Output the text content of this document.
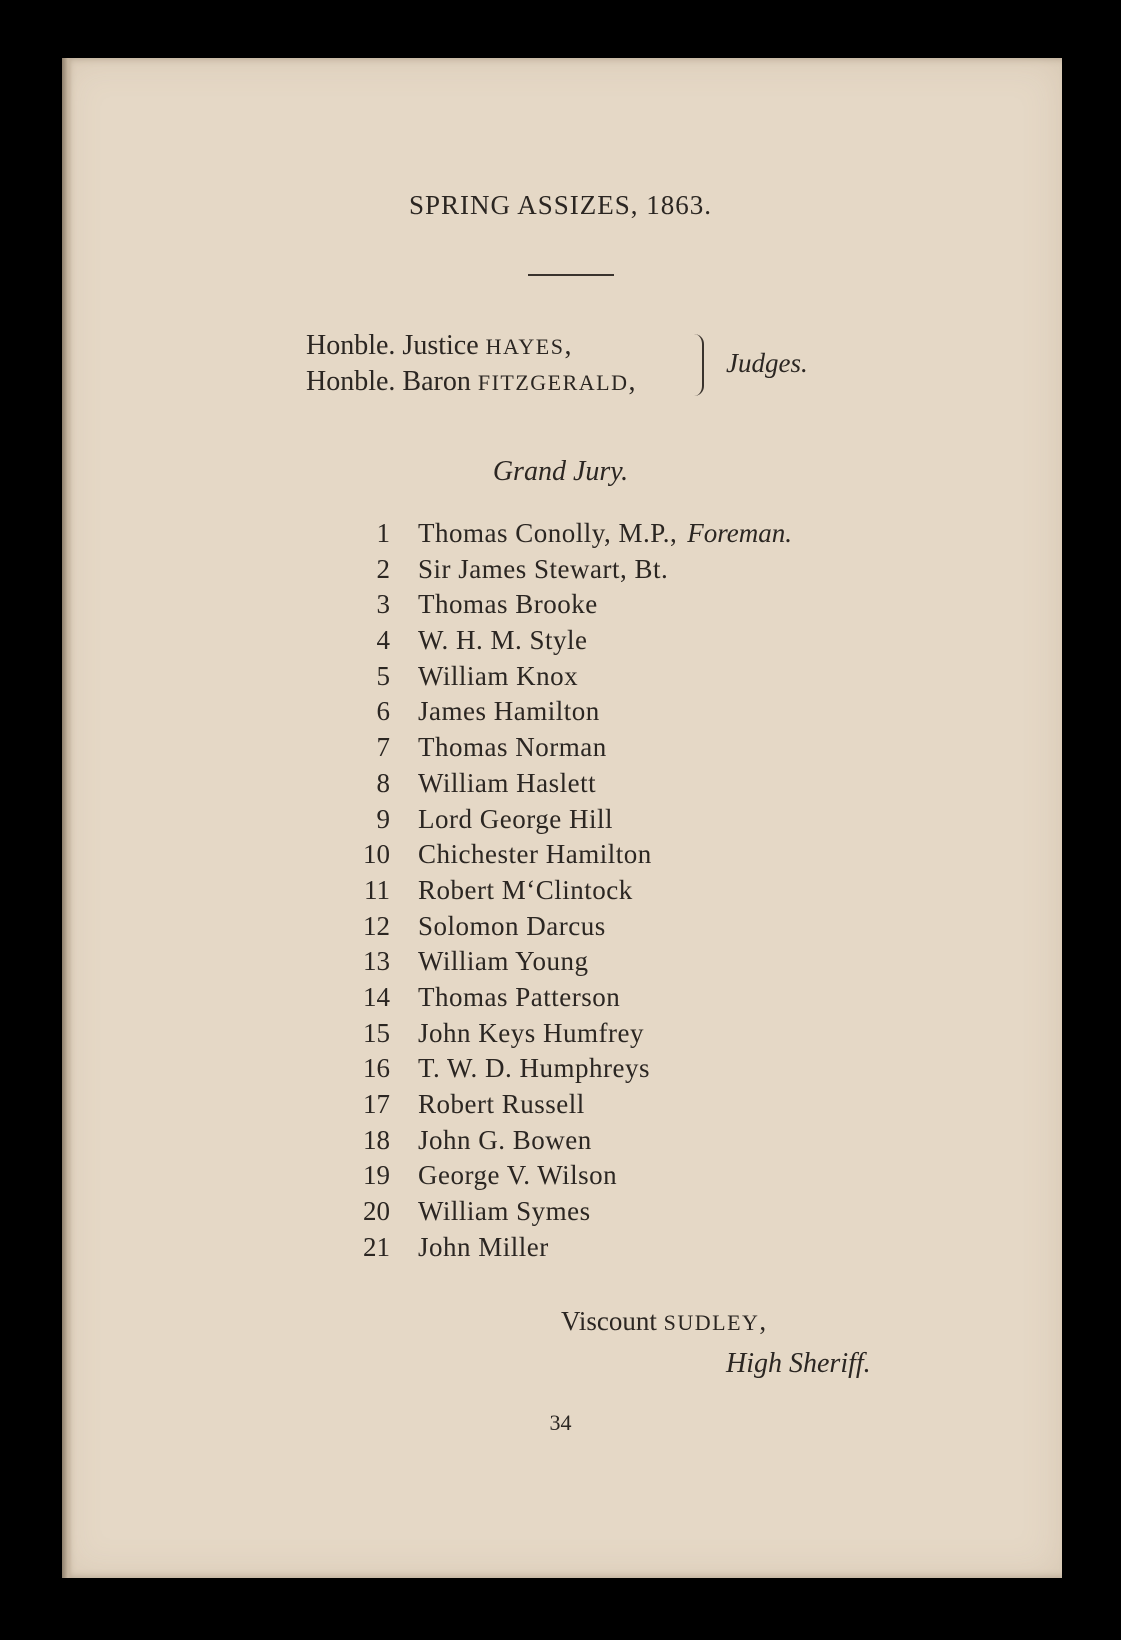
SPRING ASSIZES, 1863.
Honble. Justice HAYES,
Honble. Baron FITZGERALD,
Judges.
Grand Jury.
1 Thomas Conolly, M.P., Foreman.
2 Sir James Stewart, Bt.
3 Thomas Brooke
4 W. H. M. Style
5 William Knox
6 James Hamilton
7 Thomas Norman
8 William Haslett
9 Lord George Hill
10 Chichester Hamilton
11 Robert M‘Clintock
12 Solomon Darcus
13 William Young
14 Thomas Patterson
15 John Keys Humfrey
16 T. W. D. Humphreys
17 Robert Russell
18 John G. Bowen
19 George V. Wilson
20 William Symes
21 John Miller
Viscount SUDLEY,
High Sheriff.
34
